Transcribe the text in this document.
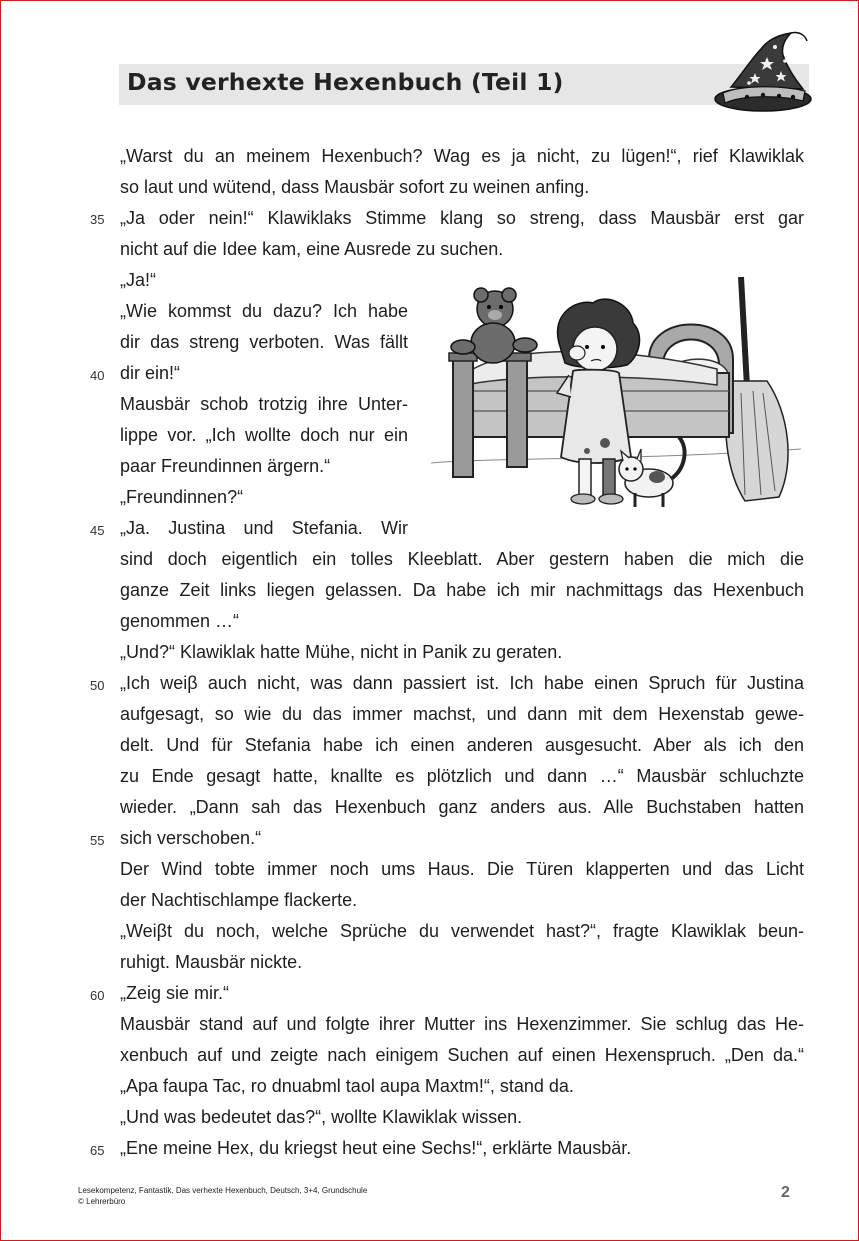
Das verhexte Hexenbuch (Teil 1)
„Warst du an meinem Hexenbuch? Wag es ja nicht, zu lügen!“, rief Klawiklak
so laut und wütend, dass Mausbär sofort zu weinen anfing.
„Ja oder nein!“ Klawiklaks Stimme klang so streng, dass Mausbär erst gar
nicht auf die Idee kam, eine Ausrede zu suchen.
„Ja!“
„Wie kommst du dazu? Ich habe
dir das streng verboten. Was fällt
dir ein!“
Mausbär schob trotzig ihre Unter-
lippe vor. „Ich wollte doch nur ein
paar Freundinnen ärgern.“
„Freundinnen?“
„Ja. Justina und Stefania. Wir
sind doch eigentlich ein tolles Kleeblatt. Aber gestern haben die mich die
ganze Zeit links liegen gelassen. Da habe ich mir nachmittags das Hexenbuch
genommen …“
„Und?“ Klawiklak hatte Mühe, nicht in Panik zu geraten.
„Ich weiβ auch nicht, was dann passiert ist. Ich habe einen Spruch für Justina
aufgesagt, so wie du das immer machst, und dann mit dem Hexenstab gewe-
delt. Und für Stefania habe ich einen anderen ausgesucht. Aber als ich den
zu Ende gesagt hatte, knallte es plötzlich und dann …“ Mausbär schluchzte
wieder. „Dann sah das Hexenbuch ganz anders aus. Alle Buchstaben hatten
sich verschoben.“
Der Wind tobte immer noch ums Haus. Die Türen klapperten und das Licht
der Nachtischlampe flackerte.
„Weiβt du noch, welche Sprüche du verwendet hast?“, fragte Klawiklak beun-
ruhigt. Mausbär nickte.
„Zeig sie mir.“
Mausbär stand auf und folgte ihrer Mutter ins Hexenzimmer. Sie schlug das He-
xenbuch auf und zeigte nach einigem Suchen auf einen Hexenspruch. „Den da.“
„Apa faupa Tac, ro dnuabml taol aupa Maxtm!“, stand da.
„Und was bedeutet das?“, wollte Klawiklak wissen.
„Ene meine Hex, du kriegst heut eine Sechs!“, erklärte Mausbär.
35
40
45
50
55
60
65
Lesekompetenz, Fantastik, Das verhexte Hexenbuch, Deutsch, 3+4, Grundschule
© Lehrerbüro
2
